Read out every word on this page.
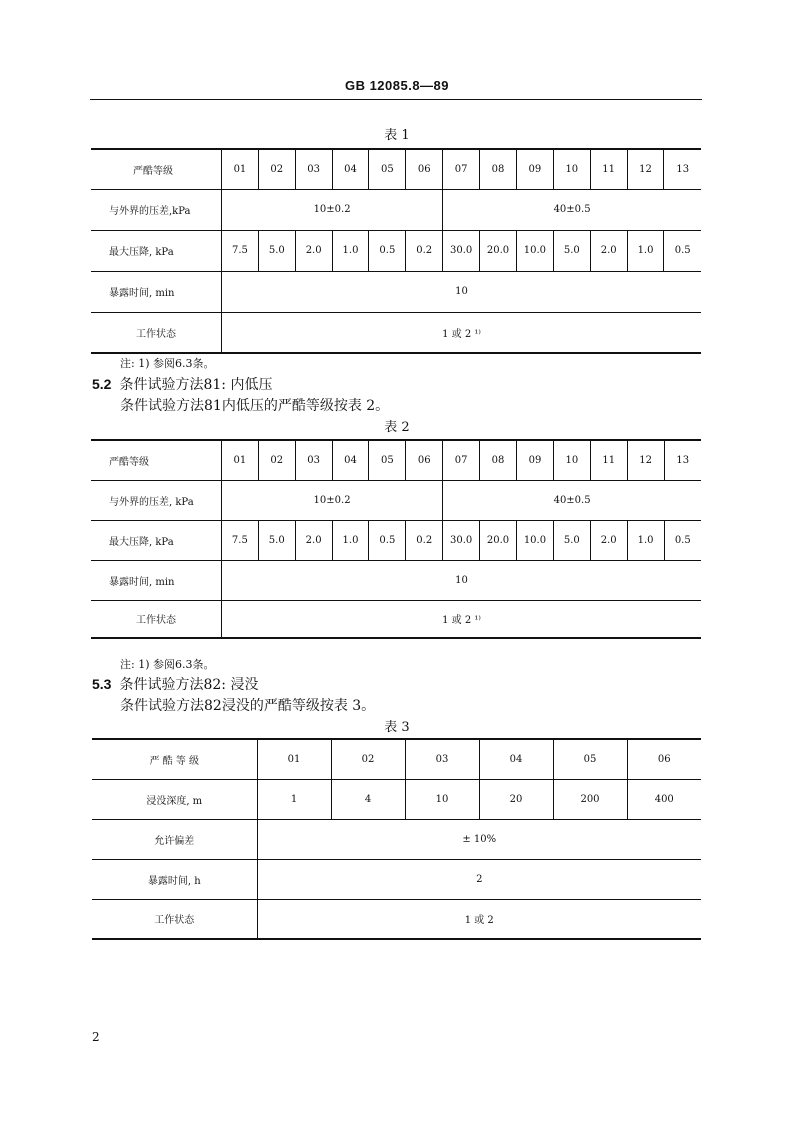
GB 12085.8—89
表 1
严酷等级	01	02	03	04	05	06	07	08	09	10	11	12	13
与外界的压差,kPa	10±0.2						40±0.5						
最大压降, kPa	7.5	5.0	2.0	1.0	0.5	0.2	30.0	20.0	10.0	5.0	2.0	1.0	0.5
暴露时间, min	10												
工作状态	1 或 2 ¹⁾												
注: 1) 参阅6.3条。
5.2 条件试验方法81: 内低压
条件试验方法81内低压的严酷等级按表 2。
表 2
严酷等级	01	02	03	04	05	06	07	08	09	10	11	12	13
与外界的压差, kPa	10±0.2						40±0.5						
最大压降, kPa	7.5	5.0	2.0	1.0	0.5	0.2	30.0	20.0	10.0	5.0	2.0	1.0	0.5
暴露时间, min	10												
工作状态	1 或 2 ¹⁾												
注: 1) 参阅6.3条。
5.3 条件试验方法82: 浸没
条件试验方法82浸没的严酷等级按表 3。
表 3
严 酷 等 级	01	02	03	04	05	06
浸没深度, m	1	4	10	20	200	400
允许偏差	± 10%					
暴露时间, h	2					
工作状态	1 或 2					
2
